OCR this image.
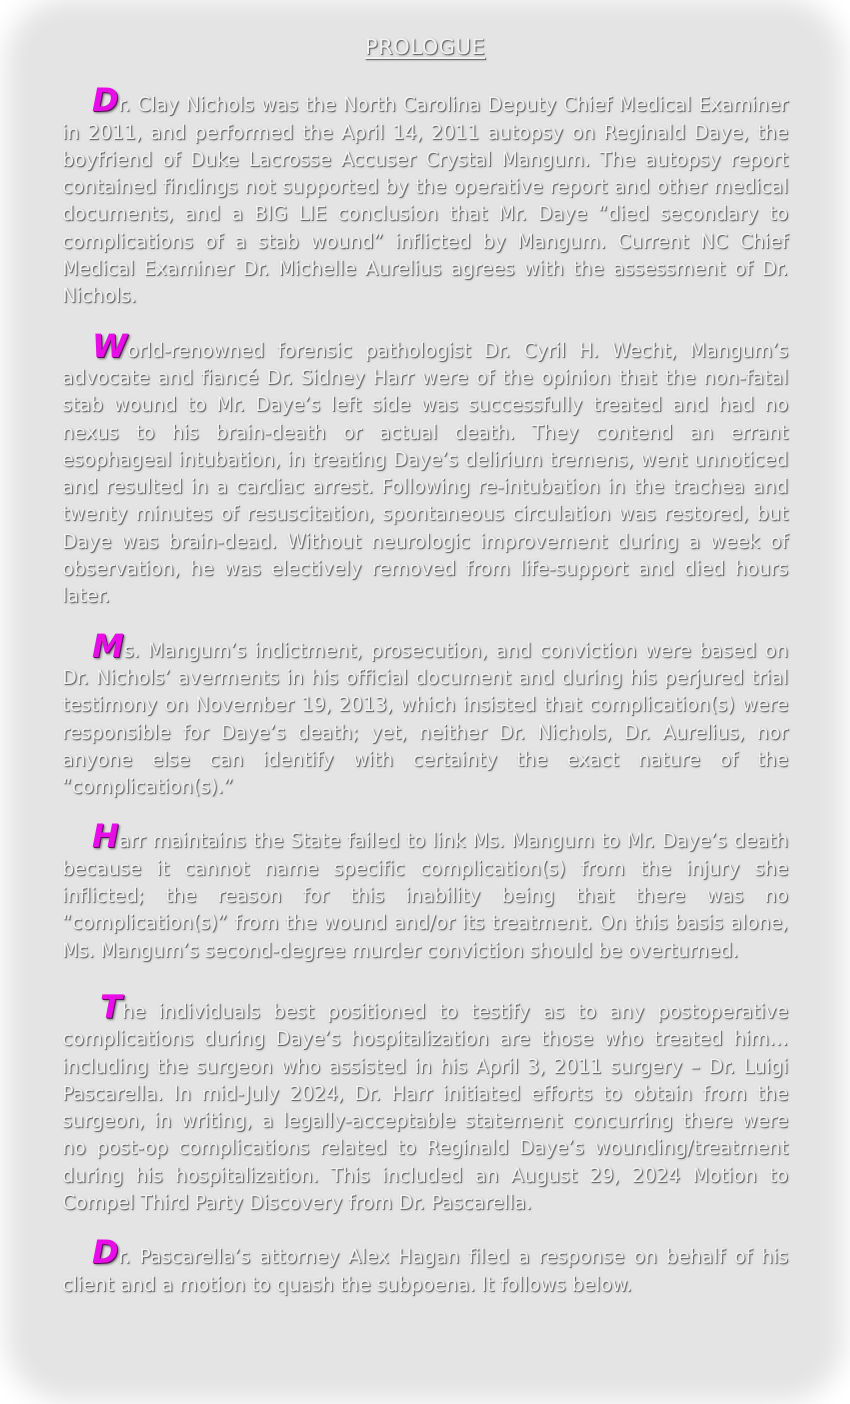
PROLOGUE

Dr. Clay Nichols was the North Carolina Deputy Chief Medical Examiner in 2011, and performed the April 14, 2011 autopsy on Reginald Daye, the boyfriend of Duke Lacrosse Accuser Crystal Mangum. The autopsy report contained findings not supported by the operative report and other medical documents, and a BIG LIE conclusion that Mr. Daye “died secondary to complications of a stab wound” inflicted by Mangum. Current NC Chief Medical Examiner Dr. Michelle Aurelius agrees with the assessment of Dr. Nichols.

World-renowned forensic pathologist Dr. Cyril H. Wecht, Mangum’s advocate and fiancé Dr. Sidney Harr were of the opinion that the non-fatal stab wound to Mr. Daye’s left side was successfully treated and had no nexus to his brain-death or actual death. They contend an errant esophageal intubation, in treating Daye’s delirium tremens, went unnoticed and resulted in a cardiac arrest. Following re-intubation in the trachea and twenty minutes of resuscitation, spontaneous circulation was restored, but Daye was brain-dead. Without neurologic improvement during a week of observation, he was electively removed from life-support and died hours later.

Ms. Mangum’s indictment, prosecution, and conviction were based on Dr. Nichols’ averments in his official document and during his perjured trial testimony on November 19, 2013, which insisted that complication(s) were responsible for Daye’s death; yet, neither Dr. Nichols, Dr. Aurelius, nor anyone else can identify with certainty the exact nature of the “complication(s).”

Harr maintains the State failed to link Ms. Mangum to Mr. Daye’s death because it cannot name specific complication(s) from the injury she inflicted; the reason for this inability being that there was no “complication(s)” from the wound and/or its treatment. On this basis alone, Ms. Mangum’s second-degree murder conviction should be overturned.

The individuals best positioned to testify as to any postoperative complications during Daye’s hospitalization are those who treated him… including the surgeon who assisted in his April 3, 2011 surgery – Dr. Luigi Pascarella. In mid-July 2024, Dr. Harr initiated efforts to obtain from the surgeon, in writing, a legally-acceptable statement concurring there were no post-op complications related to Reginald Daye’s wounding/treatment during his hospitalization. This included an August 29, 2024 Motion to Compel Third Party Discovery from Dr. Pascarella.

Dr. Pascarella’s attorney Alex Hagan filed a response on behalf of his client and a motion to quash the subpoena. It follows below.
